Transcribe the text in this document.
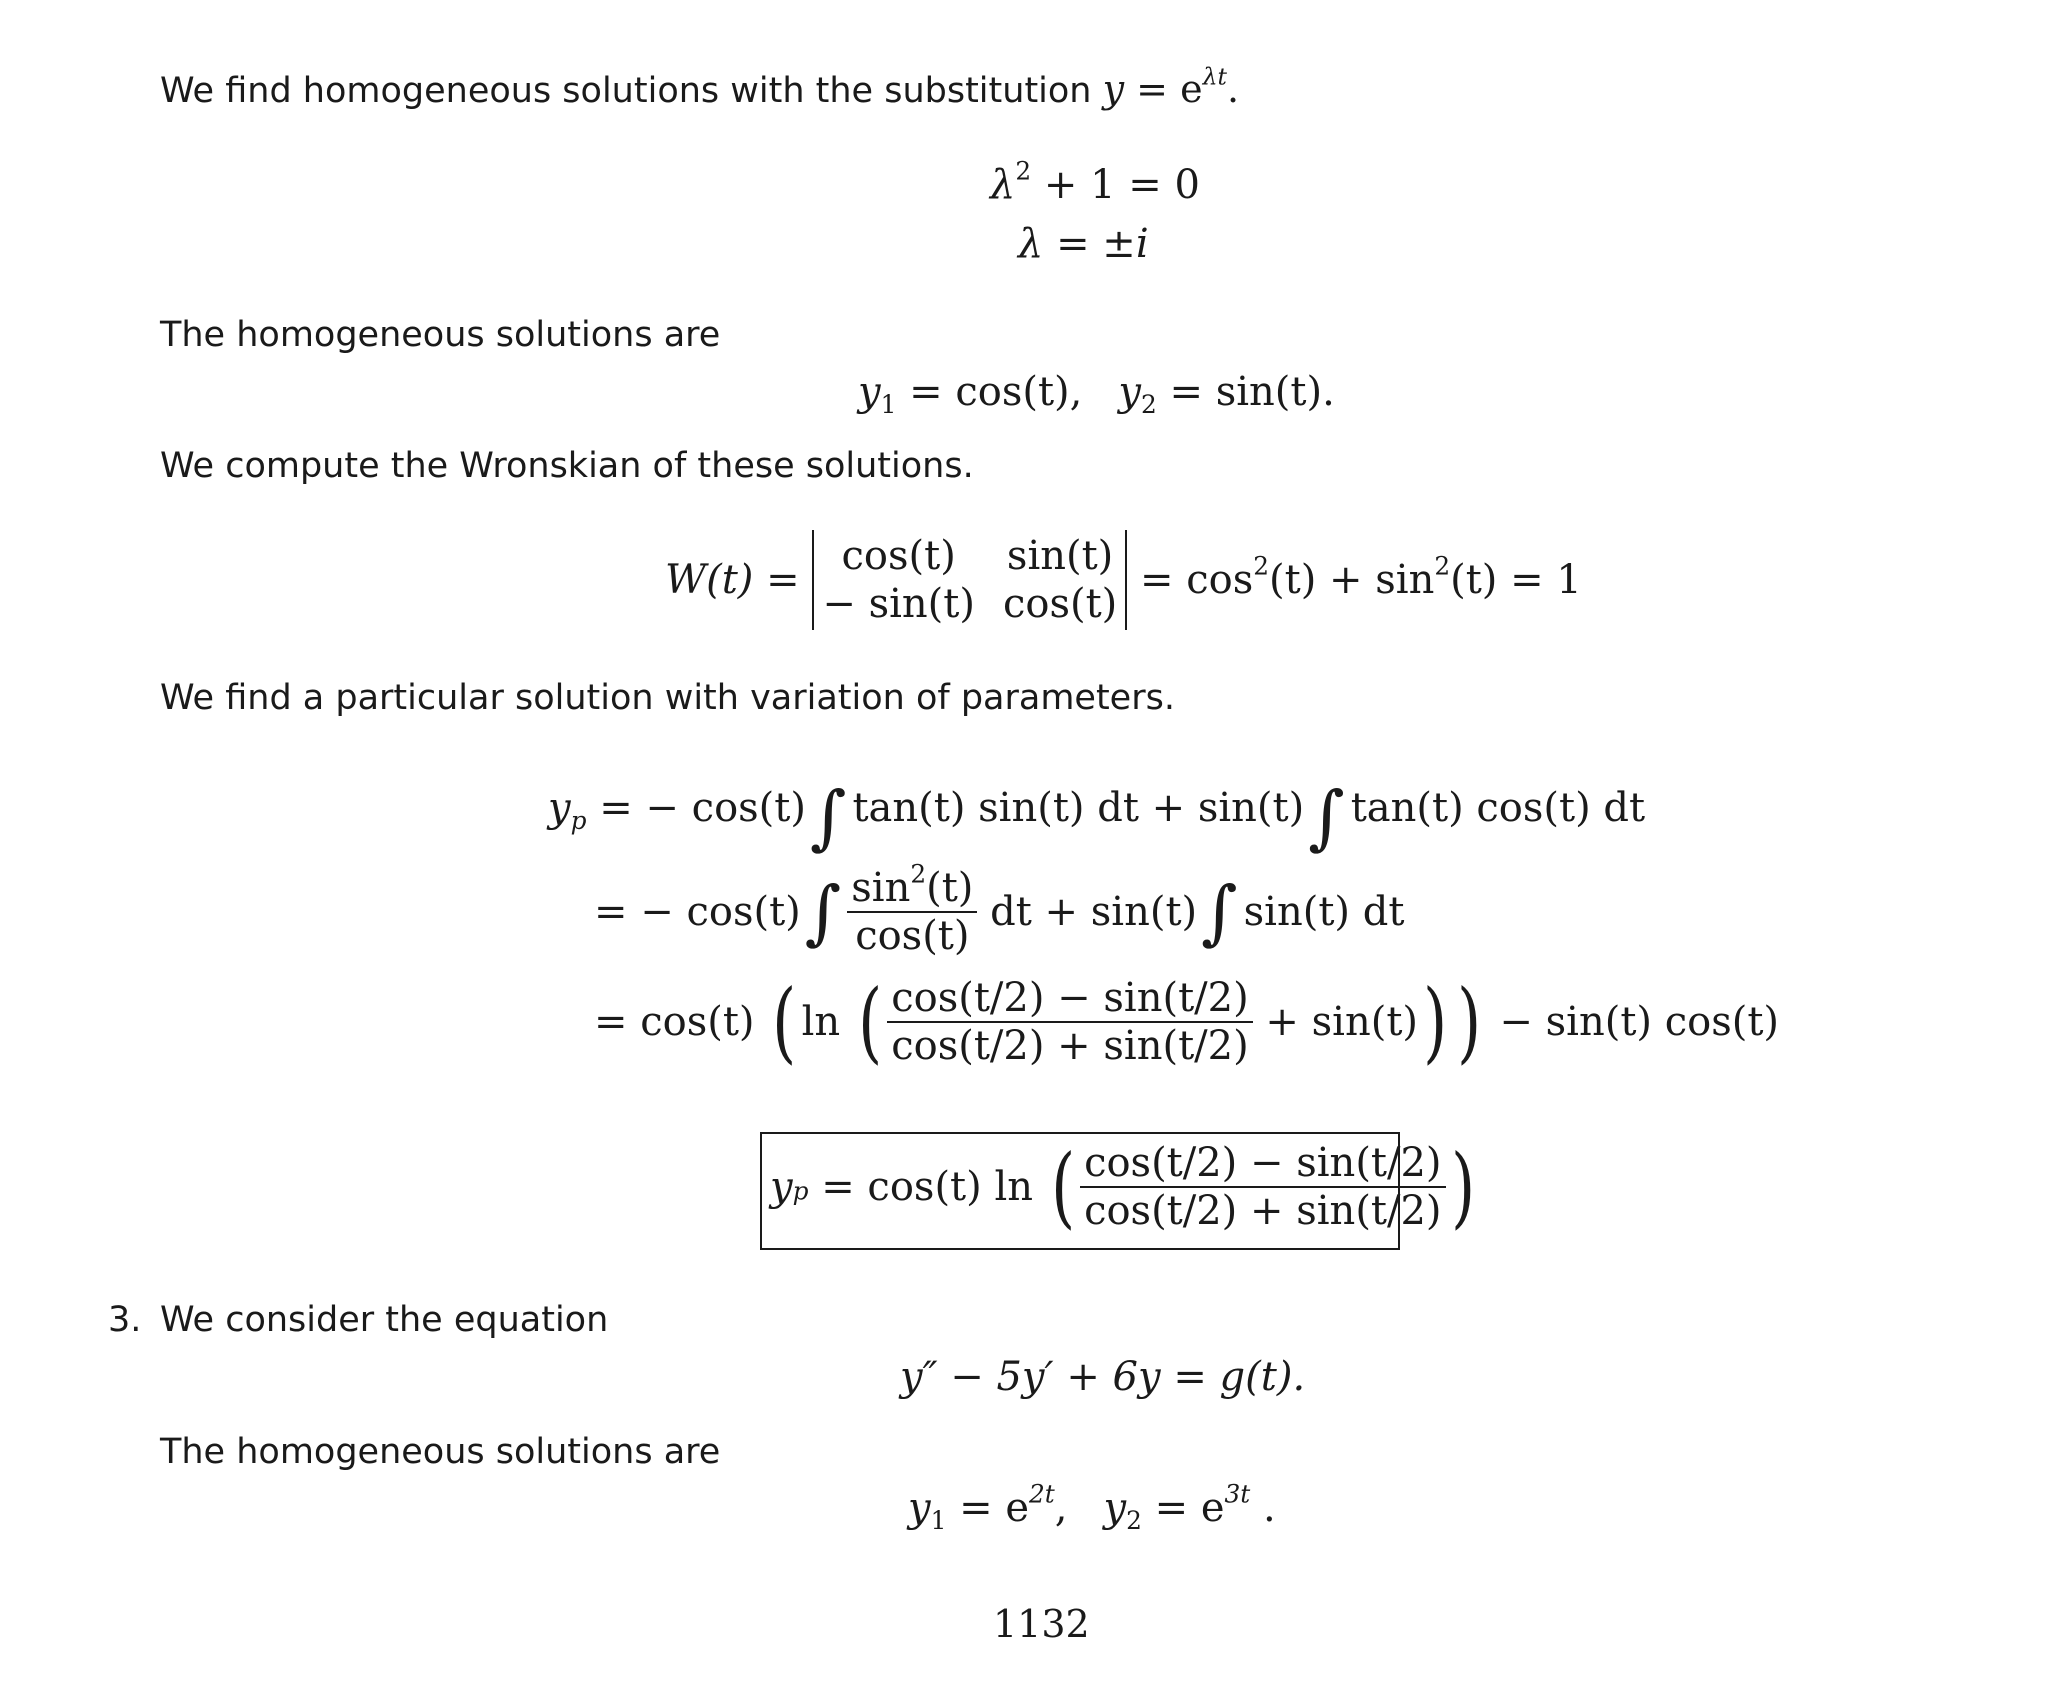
We find homogeneous solutions with the substitution $y = e^{\lambda t}$.
$\lambda^2 + 1 = 0$
λ = ±i
The homogeneous solutions are
$y_1 = \cos(t)$, $y_2 = \sin(t)$.
We compute the Wronskian of these solutions.
W(t) =
cos(t)	sin(t)
− sin(t)	cos(t)
= $\cos^2(t) + \sin^2(t) = 1$
We find a particular solution with variation of parameters.
$y_p$ = − cos(t)∫ tan(t) sin(t) dt + sin(t)∫ tan(t) cos(t) dt
= − $\cos(t)\int \frac{\sin^2(t)}{\cos(t)}$ dt + sin(t)∫ sin(t) dt
= cos(t) ( ln ( $\frac{\cos(t/2) - \sin(t/2)}{\cos(t/2) + \sin(t/2)} + \sin(t)$) ) − sin(t) cos(t)
yp = cos(t) ln ( $\frac{\cos(t/2) - \sin(t/2)}{\cos(t/2) + \sin(t/2)}$ )
3. We consider the equation
y″ − 5y′ + 6y = g(t).
The homogeneous solutions are
$y_1 = e^{2t}$, $y_2 = e^{3t}$ .
1132
